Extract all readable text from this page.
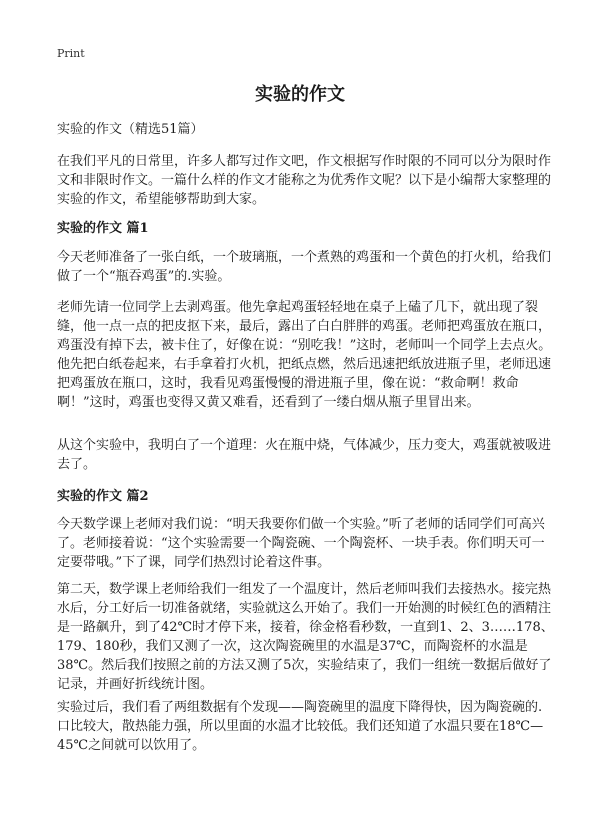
Print
实验的作文
实验的作文（精选51篇）

在我们平凡的日常里，许多人都写过作文吧，作文根据写作时限的不同可以分为限时作文和非限时作文。一篇什么样的作文才能称之为优秀作文呢？以下是小编帮大家整理的实验的作文，希望能够帮助到大家。

实验的作文 篇1

今天老师准备了一张白纸，一个玻璃瓶，一个煮熟的鸡蛋和一个黄色的打火机，给我们做了一个“瓶吞鸡蛋”的.实验。

老师先请一位同学上去剥鸡蛋。他先拿起鸡蛋轻轻地在桌子上磕了几下，就出现了裂缝，他一点一点的把皮抠下来，最后，露出了白白胖胖的鸡蛋。老师把鸡蛋放在瓶口，鸡蛋没有掉下去，被卡住了，好像在说：“别吃我！”这时，老师叫一个同学上去点火。他先把白纸卷起来，右手拿着打火机，把纸点燃，然后迅速把纸放进瓶子里，老师迅速把鸡蛋放在瓶口，这时，我看见鸡蛋慢慢的滑进瓶子里，像在说：“救命啊！救命啊！”这时，鸡蛋也变得又黄又难看，还看到了一缕白烟从瓶子里冒出来。

从这个实验中，我明白了一个道理：火在瓶中烧，气体减少，压力变大，鸡蛋就被吸进去了。

实验的作文 篇2

今天数学课上老师对我们说：“明天我要你们做一个实验。”听了老师的话同学们可高兴了。老师接着说：“这个实验需要一个陶瓷碗、一个陶瓷杯、一块手表。你们明天可一定要带哦。”下了课，同学们热烈讨论着这件事。

第二天，数学课上老师给我们一组发了一个温度计，然后老师叫我们去接热水。接完热水后，分工好后一切准备就绪，实验就这么开始了。我们一开始测的时候红色的酒精注是一路飙升，到了42℃时才停下来，接着，徐金格看秒数，一直到1、2、3……178、179、180秒，我们又测了一次，这次陶瓷碗里的水温是37℃，而陶瓷杯的水温是38℃。然后我们按照之前的方法又测了5次，实验结束了，我们一组统一数据后做好了记录，并画好折线统计图。

实验过后，我们看了两组数据有个发现——陶瓷碗里的温度下降得快，因为陶瓷碗的.口比较大，散热能力强，所以里面的水温才比较低。我们还知道了水温只要在18℃—45℃之间就可以饮用了。
